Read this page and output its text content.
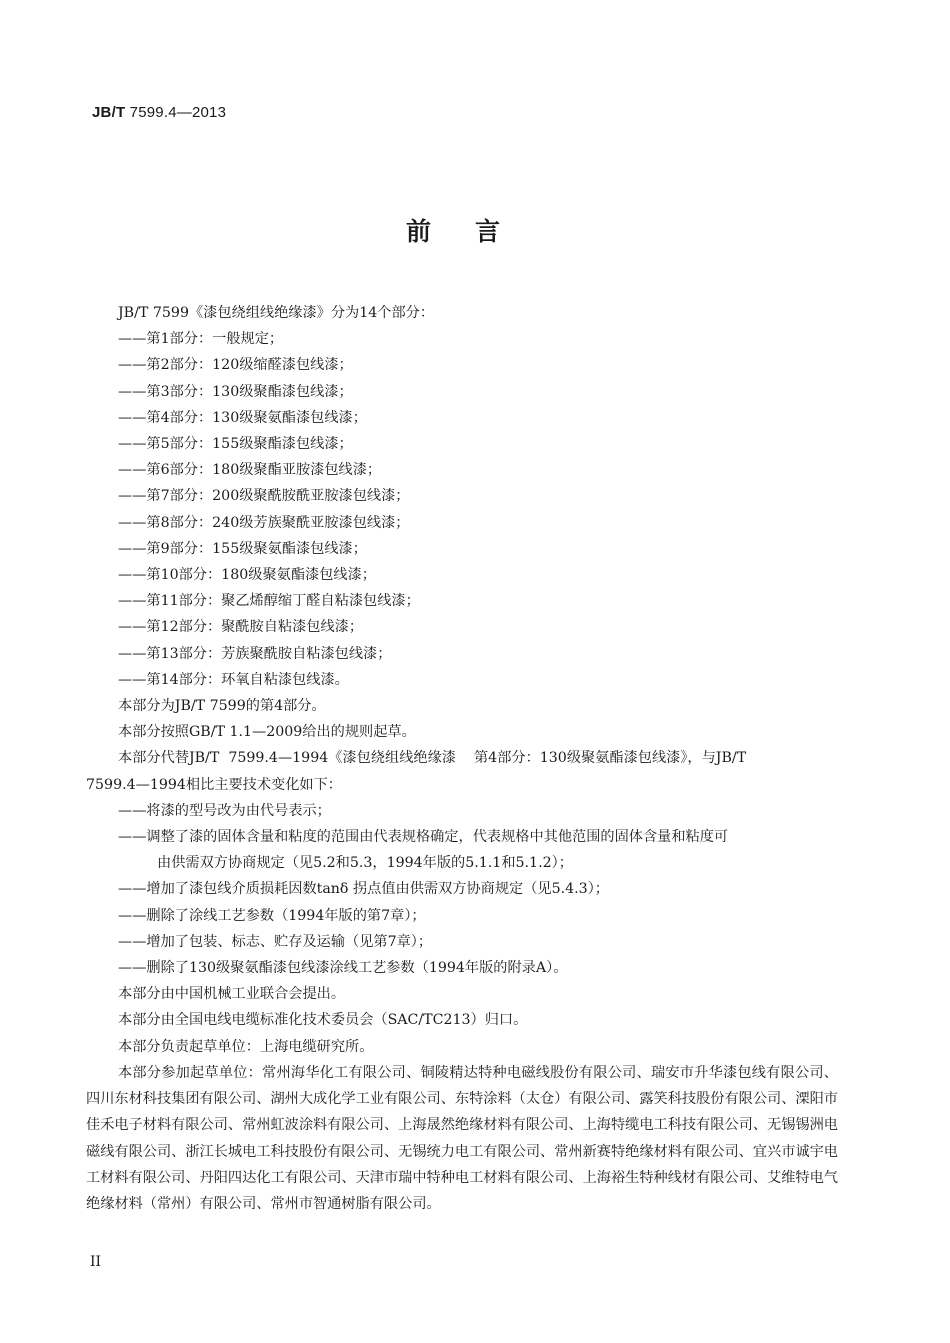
JB/T 7599.4—2013
前言

JB/T 7599《漆包绕组线绝缘漆》分为14个部分：

——第1部分：一般规定；

——第2部分：120级缩醛漆包线漆；

——第3部分：130级聚酯漆包线漆；

——第4部分：130级聚氨酯漆包线漆；

——第5部分：155级聚酯漆包线漆；

——第6部分：180级聚酯亚胺漆包线漆；

——第7部分：200级聚酰胺酰亚胺漆包线漆；

——第8部分：240级芳族聚酰亚胺漆包线漆；

——第9部分：155级聚氨酯漆包线漆；

——第10部分：180级聚氨酯漆包线漆；

——第11部分：聚乙烯醇缩丁醛自粘漆包线漆；

——第12部分：聚酰胺自粘漆包线漆；

——第13部分：芳族聚酰胺自粘漆包线漆；

——第14部分：环氧自粘漆包线漆。

本部分为JB/T 7599的第4部分。

本部分按照GB/T 1.1—2009给出的规则起草。

本部分代替JB/T  7599.4—1994《漆包绕组线绝缘漆    第4部分：130级聚氨酯漆包线漆》，与JB/T

7599.4—1994相比主要技术变化如下：

——将漆的型号改为由代号表示；

——调整了漆的固体含量和粘度的范围由代表规格确定，代表规格中其他范围的固体含量和粘度可

由供需双方协商规定（见5.2和5.3，1994年版的5.1.1和5.1.2）；

——增加了漆包线介质损耗因数tanδ 拐点值由供需双方协商规定（见5.4.3）；

——删除了涂线工艺参数（1994年版的第7章）；

——增加了包装、标志、贮存及运输（见第7章）；

——删除了130级聚氨酯漆包线漆涂线工艺参数（1994年版的附录A）。

本部分由中国机械工业联合会提出。

本部分由全国电线电缆标准化技术委员会（SAC/TC213）归口。

本部分负责起草单位：上海电缆研究所。

本部分参加起草单位：常州海华化工有限公司、铜陵精达特种电磁线股份有限公司、瑞安市升华漆包线有限公司、四川东材科技集团有限公司、湖州大成化学工业有限公司、东特涂料（太仓）有限公司、露笑科技股份有限公司、溧阳市佳禾电子材料有限公司、常州虹波涂料有限公司、上海晟然绝缘材料有限公司、上海特缆电工科技有限公司、无锡锡洲电磁线有限公司、浙江长城电工科技股份有限公司、无锡统力电工有限公司、常州新赛特绝缘材料有限公司、宜兴市诚宇电工材料有限公司、丹阳四达化工有限公司、天津市瑞中特种电工材料有限公司、上海裕生特种线材有限公司、艾维特电气绝缘材料（常州）有限公司、常州市智通树脂有限公司。

II
